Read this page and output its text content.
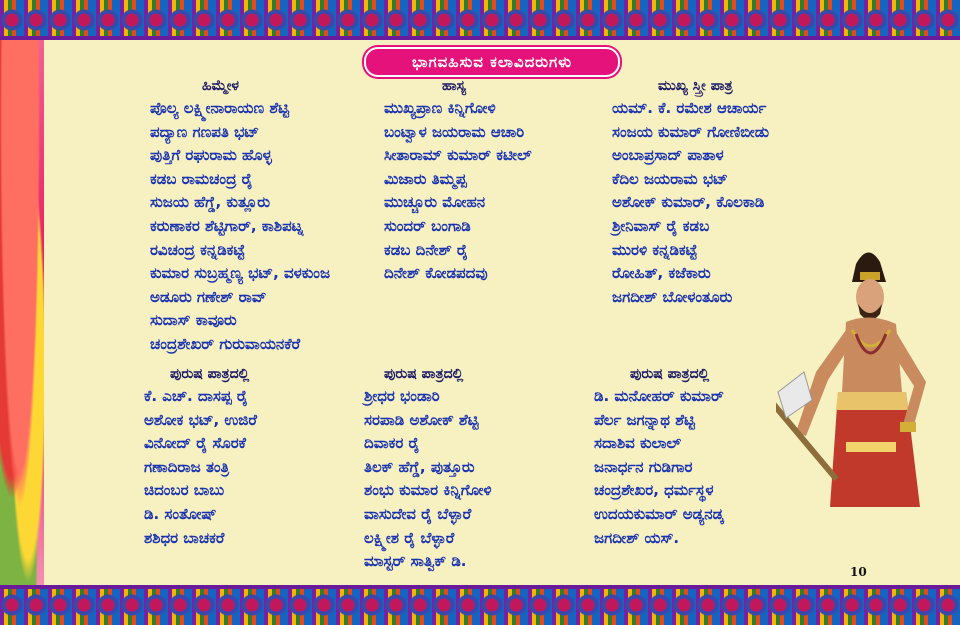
ಭಾಗವಹಿಸುವ ಕಲಾವಿದರುಗಳು
ಹಿಮ್ಮೇಳ
ಪೊಲ್ಯ ಲಕ್ಷ್ಮೀನಾರಾಯಣ ಶೆಟ್ಟಿ
ಪದ್ಯಾಣ ಗಣಪತಿ ಭಟ್
ಪುತ್ತಿಗೆ ರಘುರಾಮ ಹೊಳ್ಳ
ಕಡಬ ರಾಮಚಂದ್ರ ರೈ
ಸುಜಯ ಹೆಗ್ಡೆ, ಕುತ್ಲೂರು
ಕರುಣಾಕರ ಶೆಟ್ಟಿಗಾರ್, ಕಾಶಿಪಟ್ನ
ರವಿಚಂದ್ರ ಕನ್ನಡಿಕಟ್ಟೆ
ಕುಮಾರ ಸುಬ್ರಹ್ಮಣ್ಯ ಭಟ್, ವಳಕುಂಜ
ಅಡೂರು ಗಣೇಶ್ ರಾವ್
ಸುದಾಸ್ ಕಾವೂರು
ಚಂದ್ರಶೇಖರ್ ಗುರುವಾಯನಕೆರೆ
ಹಾಸ್ಯ
ಮುಖ್ಯಪ್ರಾಣ ಕಿನ್ನಿಗೋಳಿ
ಬಂಟ್ವಾಳ ಜಯರಾಮ ಆಚಾರಿ
ಸೀತಾರಾಮ್ ಕುಮಾರ್ ಕಟೀಲ್
ಮಿಜಾರು ತಿಮ್ಮಪ್ಪ
ಮುಚ್ಚೂರು ಮೋಹನ
ಸುಂದರ್ ಬಂಗಾಡಿ
ಕಡಬ ದಿನೇಶ್ ರೈ
ದಿನೇಶ್ ಕೋಡಪದವು
ಮುಖ್ಯ ಸ್ತ್ರೀ ಪಾತ್ರ
ಯಮ್. ಕೆ. ರಮೇಶ ಆಚಾರ್ಯ
ಸಂಜಯ ಕುಮಾರ್ ಗೋಣಿಬೀಡು
ಅಂಬಾಪ್ರಸಾದ್ ಪಾತಾಳ
ಕೆದಿಲ ಜಯರಾಮ ಭಟ್
ಅಶೋಕ್ ಕುಮಾರ್, ಕೊಲಕಾಡಿ
ಶ್ರೀನಿವಾಸ್ ರೈ ಕಡಬ
ಮುರಳಿ ಕನ್ನಡಿಕಟ್ಟೆ
ರೋಹಿತ್, ಕಜೆಕಾರು
ಜಗದೀಶ್ ಬೋಳಂತೂರು
ಪುರುಷ ಪಾತ್ರದಲ್ಲಿ
ಕೆ. ಎಚ್. ದಾಸಪ್ಪ ರೈ
ಅಶೋಕ ಭಟ್, ಉಜಿರೆ
ವಿನೋದ್ ರೈ ಸೊರಕೆ
ಗಣಾದಿರಾಜ ತಂತ್ರಿ
ಚಿದಂಬರ ಬಾಬು
ಡಿ. ಸಂತೋಷ್
ಶಶಿಧರ ಬಾಚಕರೆ
ಪುರುಷ ಪಾತ್ರದಲ್ಲಿ
ಶ್ರೀಧರ ಭಂಡಾರಿ
ಸರಪಾಡಿ ಅಶೋಕ್ ಶೆಟ್ಟಿ
ದಿವಾಕರ ರೈ
ತಿಲಕ್ ಹೆಗ್ಡೆ, ಪುತ್ತೂರು
ಶಂಭು ಕುಮಾರ ಕಿನ್ನಿಗೋಳಿ
ವಾಸುದೇವ ರೈ ಬೆಳ್ಳಾರೆ
ಲಕ್ಷ್ಮೀಶ ರೈ ಬೆಳ್ಳಾರೆ
ಮಾಸ್ಟರ್ ಸಾತ್ವಿಕ್ ಡಿ.
ಪುರುಷ ಪಾತ್ರದಲ್ಲಿ
ಡಿ. ಮನೋಹರ್ ಕುಮಾರ್
ಪೆರ್ಲ ಜಗನ್ನಾಥ ಶೆಟ್ಟಿ
ಸದಾಶಿವ ಕುಲಾಲ್
ಜನಾರ್ಧನ ಗುಡಿಗಾರ
ಚಂದ್ರಶೇಖರ, ಧರ್ಮಸ್ಥಳ
ಉದಯಕುಮಾರ್ ಅಡ್ಯನಡ್ಕ
ಜಗದೀಶ್ ಯಸ್.
10
